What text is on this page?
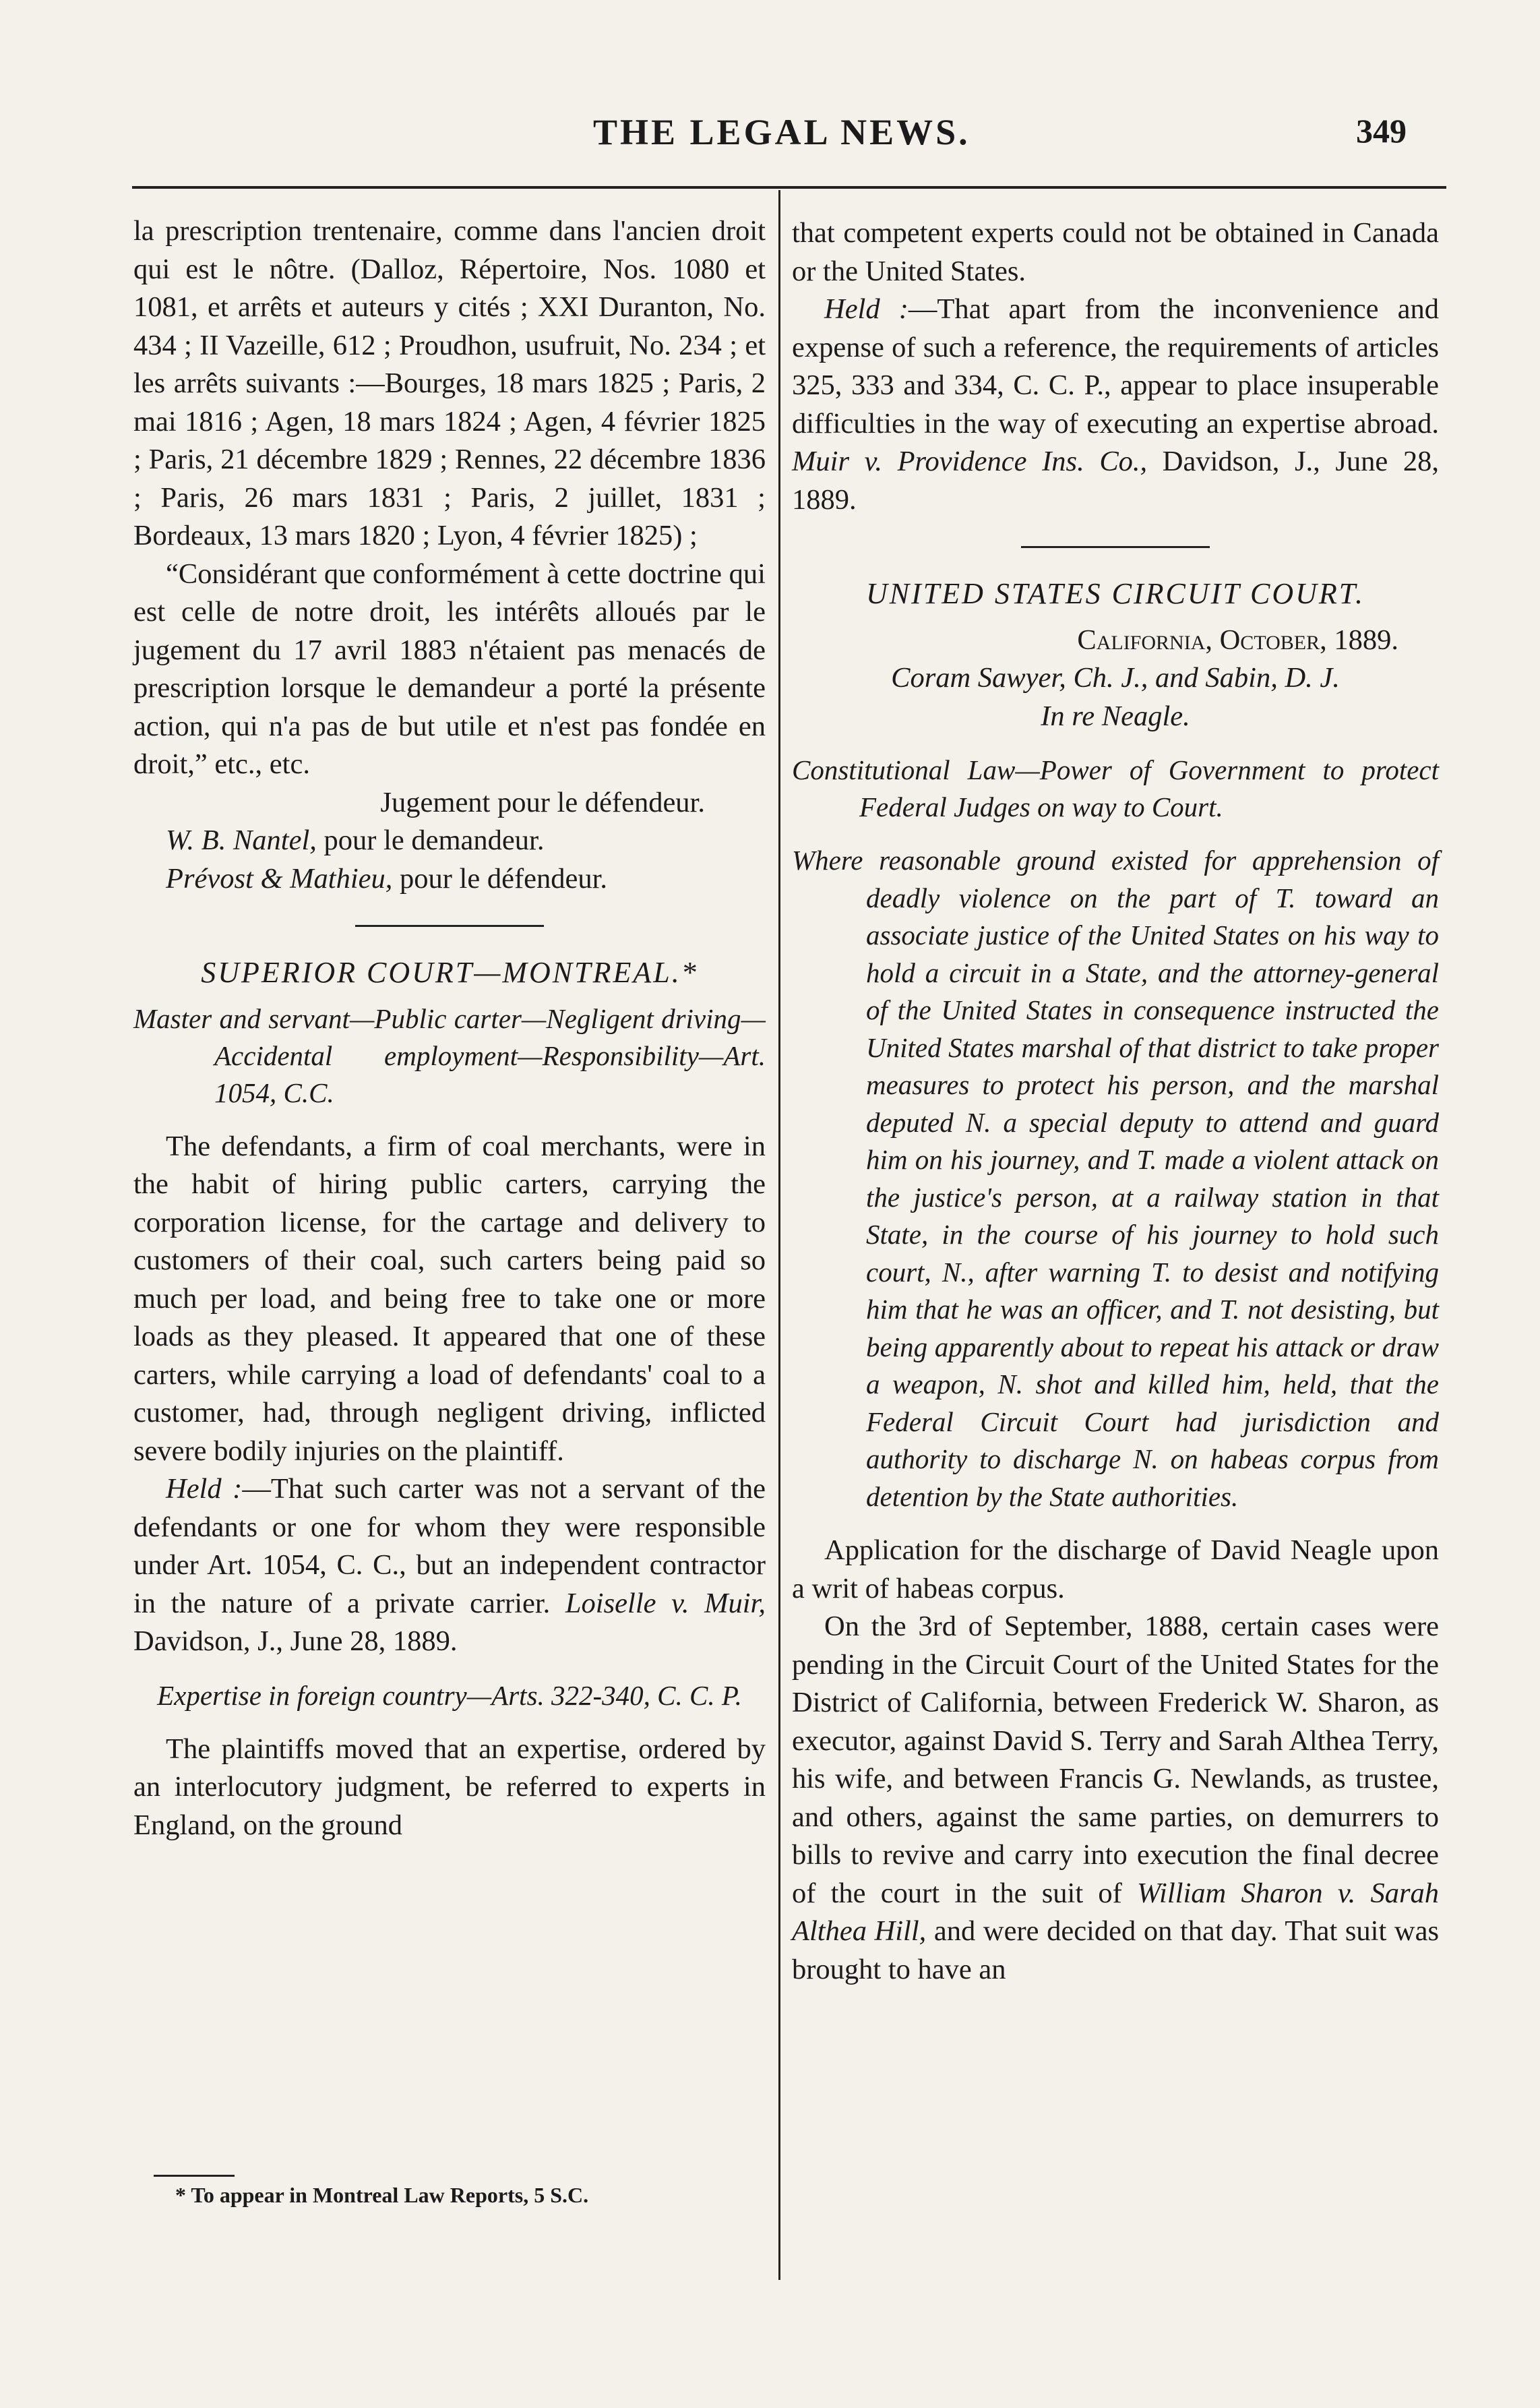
THE LEGAL NEWS.	349

la prescription trentenaire, comme dans l'ancien droit qui est le nôtre. (Dalloz, Répertoire, Nos. 1080 et 1081, et arrêts et auteurs y cités ; XXI Duranton, No. 434 ; II Vazeille, 612 ; Proudhon, usufruit, No. 234 ; et les arrêts suivants :—Bourges, 18 mars 1825 ; Paris, 2 mai 1816 ; Agen, 18 mars 1824 ; Agen, 4 février 1825 ; Paris, 21 décembre 1829 ; Rennes, 22 décembre 1836 ; Paris, 26 mars 1831 ; Paris, 2 juillet, 1831 ; Bordeaux, 13 mars 1820 ; Lyon, 4 février 1825) ;

“Considérant que conformément à cette doctrine qui est celle de notre droit, les intérêts alloués par le jugement du 17 avril 1883 n'étaient pas menacés de prescription lorsque le demandeur a porté la présente action, qui n'a pas de but utile et n'est pas fondée en droit,” etc., etc.

Jugement pour le défendeur.

W. B. Nantel, pour le demandeur.

Prévost & Mathieu, pour le défendeur.

SUPERIOR COURT—MONTREAL.*

Master and servant—Public carter—Negligent driving—Accidental employment—Responsibility—Art. 1054, C.C.

The defendants, a firm of coal merchants, were in the habit of hiring public carters, carrying the corporation license, for the cartage and delivery to customers of their coal, such carters being paid so much per load, and being free to take one or more loads as they pleased. It appeared that one of these carters, while carrying a load of defendants' coal to a customer, had, through negligent driving, inflicted severe bodily injuries on the plaintiff.

Held :—That such carter was not a servant of the defendants or one for whom they were responsible under Art. 1054, C. C., but an independent contractor in the nature of a private carrier. Loiselle v. Muir, Davidson, J., June 28, 1889.

Expertise in foreign country—Arts. 322-340, C. C. P.

The plaintiffs moved that an expertise, ordered by an interlocutory judgment, be referred to experts in England, on the ground

* To appear in Montreal Law Reports, 5 S.C.

that competent experts could not be obtained in Canada or the United States.

Held :—That apart from the inconvenience and expense of such a reference, the requirements of articles 325, 333 and 334, C. C. P., appear to place insuperable difficulties in the way of executing an expertise abroad. Muir v. Providence Ins. Co., Davidson, J., June 28, 1889.

UNITED STATES CIRCUIT COURT.

California, October, 1889.

Coram Sawyer, Ch. J., and Sabin, D. J.

In re Neagle.

Constitutional Law—Power of Government to protect Federal Judges on way to Court.

Where reasonable ground existed for apprehension of deadly violence on the part of T. toward an associate justice of the United States on his way to hold a circuit in a State, and the attorney-general of the United States in consequence instructed the United States marshal of that district to take proper measures to protect his person, and the marshal deputed N. a special deputy to attend and guard him on his journey, and T. made a violent attack on the justice's person, at a railway station in that State, in the course of his journey to hold such court, N., after warning T. to desist and notifying him that he was an officer, and T. not desisting, but being apparently about to repeat his attack or draw a weapon, N. shot and killed him, held, that the Federal Circuit Court had jurisdiction and authority to discharge N. on habeas corpus from detention by the State authorities.

Application for the discharge of David Neagle upon a writ of habeas corpus.

On the 3rd of September, 1888, certain cases were pending in the Circuit Court of the United States for the District of California, between Frederick W. Sharon, as executor, against David S. Terry and Sarah Althea Terry, his wife, and between Francis G. Newlands, as trustee, and others, against the same parties, on demurrers to bills to revive and carry into execution the final decree of the court in the suit of William Sharon v. Sarah Althea Hill, and were decided on that day. That suit was brought to have an
